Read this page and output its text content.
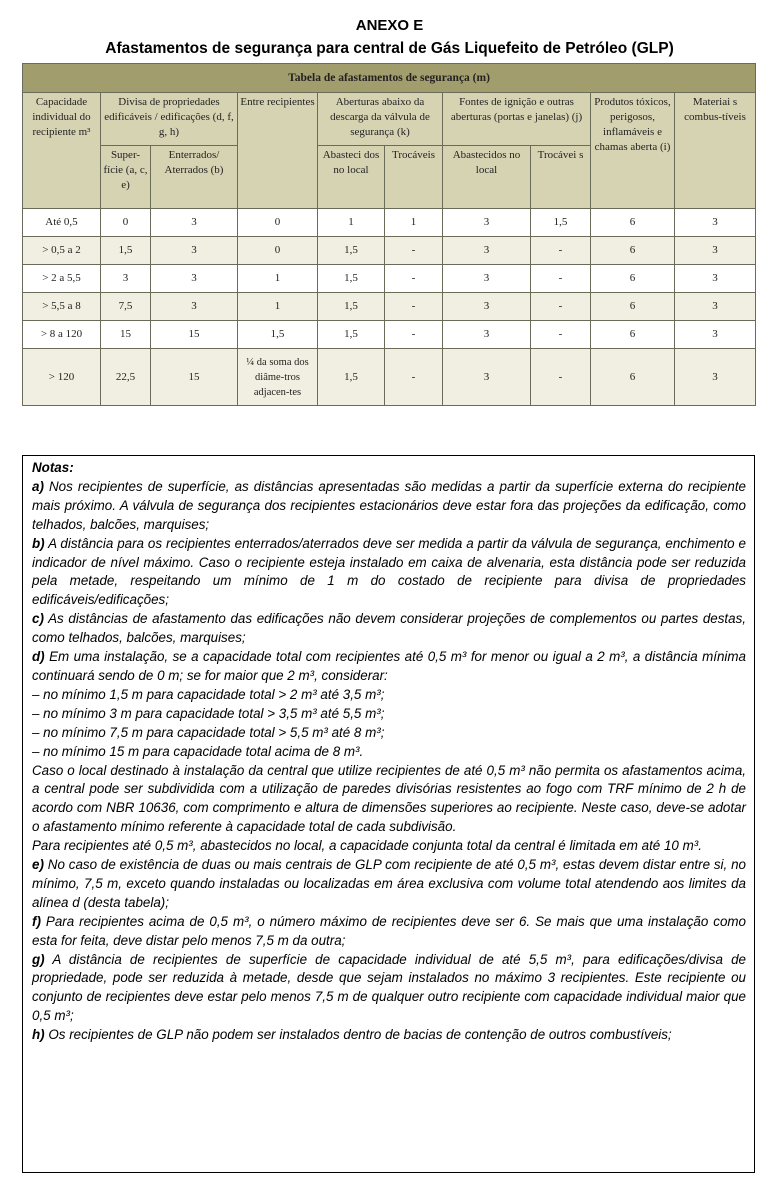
ANEXO E
Afastamentos de segurança para central de Gás Liquefeito de Petróleo (GLP)
Tabela de afastamentos de segurança (m)									
Capacidade individual do recipiente m³	Divisa de propriedades edificáveis / edificações (d, f, g, h)		Entre recipientes	Aberturas abaixo da descarga da válvula de segurança (k)		Fontes de ignição e outras aberturas (portas e janelas) (j)		Produtos tóxicos, perigosos, inflamáveis e chamas aberta (i)	Materiai s combus-tíveis
	Super-fície (a, c, e)	Enterrados/ Aterrados (b)		Abasteci dos no local	Trocáveis	Abastecidos no local	Trocávei s		
Até 0,5	0	3	0	1	1	3	1,5	6	3
> 0,5 a 2	1,5	3	0	1,5	-	3	-	6	3
> 2 a 5,5	3	3	1	1,5	-	3	-	6	3
> 5,5 a 8	7,5	3	1	1,5	-	3	-	6	3
> 8 a 120	15	15	1,5	1,5	-	3	-	6	3
> 120	22,5	15	¼ da soma dos diâme-tros adjacen-tes	1,5	-	3	-	6	3

Notas:

a) Nos recipientes de superfície, as distâncias apresentadas são medidas a partir da superfície externa do recipiente mais próximo. A válvula de segurança dos recipientes estacionários deve estar fora das projeções da edificação, como telhados, balcões, marquises;

b) A distância para os recipientes enterrados/aterrados deve ser medida a partir da válvula de segurança, enchimento e indicador de nível máximo. Caso o recipiente esteja instalado em caixa de alvenaria, esta distância pode ser reduzida pela metade, respeitando um mínimo de 1 m do costado de recipiente para divisa de propriedades edificáveis/edificações;

c) As distâncias de afastamento das edificações não devem considerar projeções de complementos ou partes destas, como telhados, balcões, marquises;

d) Em uma instalação, se a capacidade total com recipientes até 0,5 m³ for menor ou igual a 2 m³, a distância mínima continuará sendo de 0 m; se for maior que 2 m³, considerar:

– no mínimo 1,5 m para capacidade total > 2 m³ até 3,5 m³;

– no mínimo 3 m para capacidade total > 3,5 m³ até 5,5 m³;

– no mínimo 7,5 m para capacidade total > 5,5 m³ até 8 m³;

– no mínimo 15 m para capacidade total acima de 8 m³.

Caso o local destinado à instalação da central que utilize recipientes de até 0,5 m³ não permita os afastamentos acima, a central pode ser subdividida com a utilização de paredes divisórias resistentes ao fogo com TRF mínimo de 2 h de acordo com NBR 10636, com comprimento e altura de dimensões superiores ao recipiente. Neste caso, deve-se adotar o afastamento mínimo referente à capacidade total de cada subdivisão.

Para recipientes até 0,5 m³, abastecidos no local, a capacidade conjunta total da central é limitada em até 10 m³.

e) No caso de existência de duas ou mais centrais de GLP com recipiente de até 0,5 m³, estas devem distar entre si, no mínimo, 7,5 m, exceto quando instaladas ou localizadas em área exclusiva com volume total atendendo aos limites da alínea d (desta tabela);

f) Para recipientes acima de 0,5 m³, o número máximo de recipientes deve ser 6. Se mais que uma instalação como esta for feita, deve distar pelo menos 7,5 m da outra;

g) A distância de recipientes de superfície de capacidade individual de até 5,5 m³, para edificações/divisa de propriedade, pode ser reduzida à metade, desde que sejam instalados no máximo 3 recipientes. Este recipiente ou conjunto de recipientes deve estar pelo menos 7,5 m de qualquer outro recipiente com capacidade individual maior que 0,5 m³;

h) Os recipientes de GLP não podem ser instalados dentro de bacias de contenção de outros combustíveis;
